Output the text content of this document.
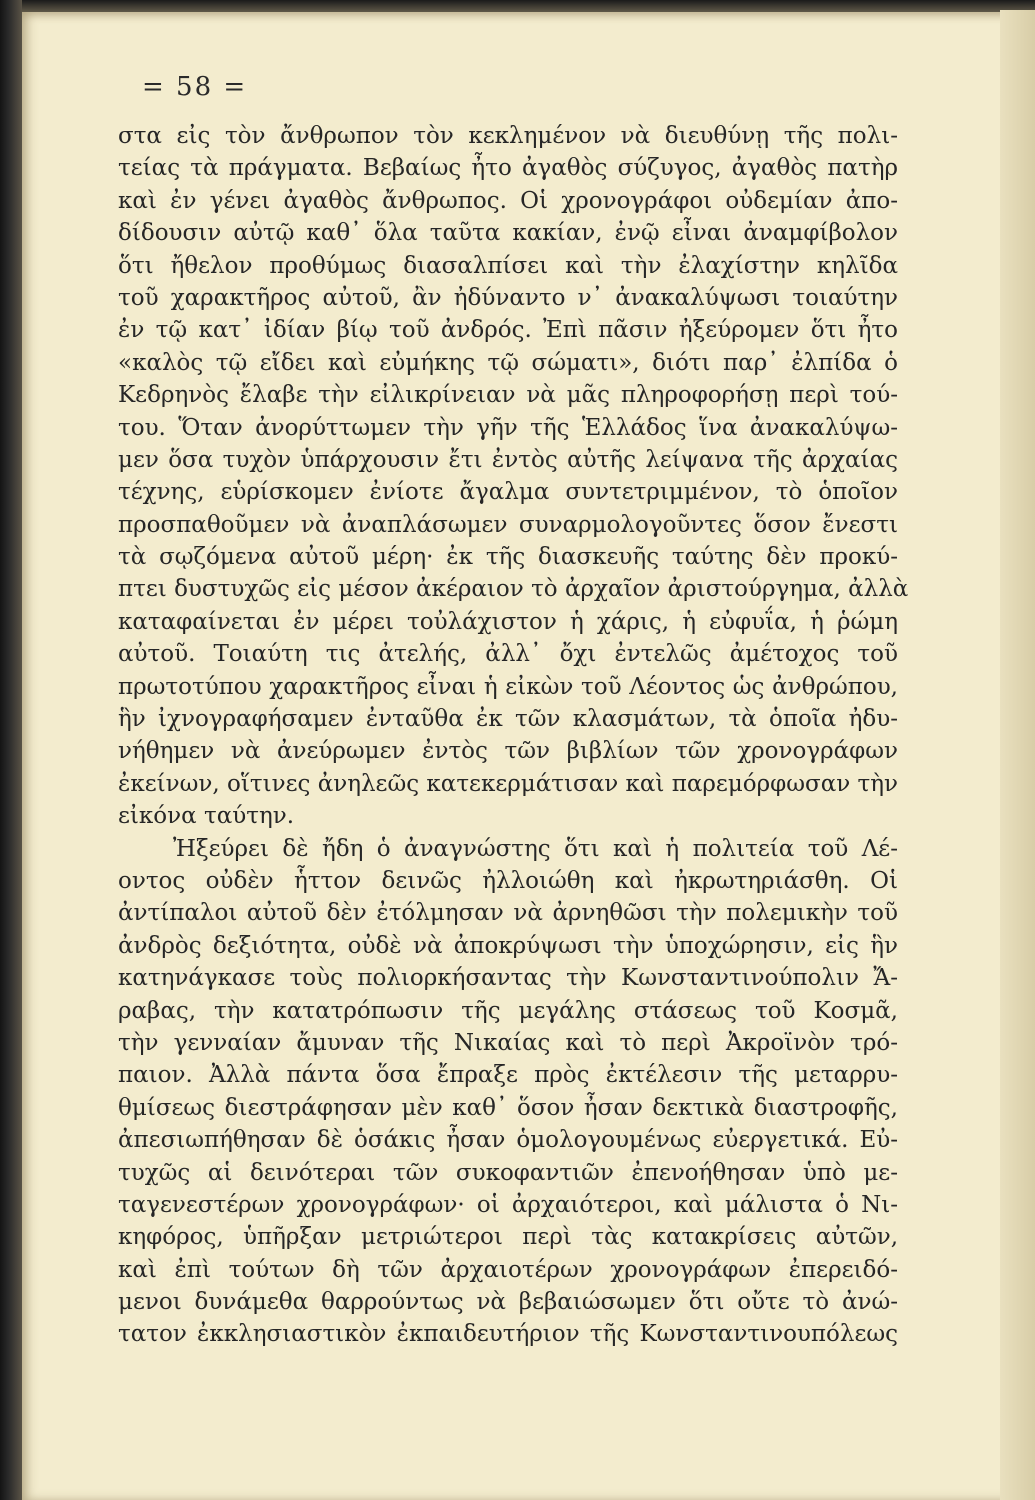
= 58 =
στα εἰς τὸν ἄνθρωπον τὸν κεκλημένον νὰ διευθύνῃ τῆς πολι-
τείας τὰ πράγματα. Βεβαίως ἦτο ἀγαθὸς σύζυγος, ἀγαθὸς πατὴρ
καὶ ἐν γένει ἀγαθὸς ἄνθρωπος. Οἱ χρονογράφοι οὐδεμίαν ἀπο-
δίδουσιν αὐτῷ καθ᾿ ὅλα ταῦτα κακίαν, ἐνῷ εἶναι ἀναμφίβολον
ὅτι ἤθελον προθύμως διασαλπίσει καὶ τὴν ἐλαχίστην κηλῖδα
τοῦ χαρακτῆρος αὐτοῦ, ἂν ἠδύναντο ν᾿ ἀνακαλύψωσι τοιαύτην
ἐν τῷ κατ᾿ ἰδίαν βίῳ τοῦ ἀνδρός. Ἐπὶ πᾶσιν ἠξεύρομεν ὅτι ἦτο
«καλὸς τῷ εἴδει καὶ εὐμήκης τῷ σώματι», διότι παρ᾿ ἐλπίδα ὁ
Κεδρηνὸς ἔλαβε τὴν εἰλικρίνειαν νὰ μᾶς πληροφορήσῃ περὶ τού-
του. Ὅταν ἀνορύττωμεν τὴν γῆν τῆς Ἑλλάδος ἵνα ἀνακαλύψω-
μεν ὅσα τυχὸν ὑπάρχουσιν ἔτι ἐντὸς αὐτῆς λείψανα τῆς ἀρχαίας
τέχνης, εὑρίσκομεν ἐνίοτε ἄγαλμα συντετριμμένον, τὸ ὁποῖον
προσπαθοῦμεν νὰ ἀναπλάσωμεν συναρμολογοῦντες ὅσον ἔνεστι
τὰ σῳζόμενα αὐτοῦ μέρη· ἐκ τῆς διασκευῆς ταύτης δὲν προκύ-
πτει δυστυχῶς εἰς μέσον ἀκέραιον τὸ ἀρχαῖον ἀριστούργημα, ἀλλὰ
καταφαίνεται ἐν μέρει τοὐλάχιστον ἡ χάρις, ἡ εὐφυΐα, ἡ ῥώμη
αὐτοῦ. Τοιαύτη τις ἀτελής, ἀλλ᾿ ὄχι ἐντελῶς ἀμέτοχος τοῦ
πρωτοτύπου χαρακτῆρος εἶναι ἡ εἰκὼν τοῦ Λέοντος ὡς ἀνθρώπου,
ἣν ἰχνογραφήσαμεν ἐνταῦθα ἐκ τῶν κλασμάτων, τὰ ὁποῖα ἠδυ-
νήθημεν νὰ ἀνεύρωμεν ἐντὸς τῶν βιβλίων τῶν χρονογράφων
ἐκείνων, οἵτινες ἀνηλεῶς κατεκερμάτισαν καὶ παρεμόρφωσαν τὴν
εἰκόνα ταύτην.
Ἠξεύρει δὲ ἤδη ὁ ἀναγνώστης ὅτι καὶ ἡ πολιτεία τοῦ Λέ-
οντος οὐδὲν ἧττον δεινῶς ἠλλοιώθη καὶ ἠκρωτηριάσθη. Οἱ
ἀντίπαλοι αὐτοῦ δὲν ἐτόλμησαν νὰ ἀρνηθῶσι τὴν πολεμικὴν τοῦ
ἀνδρὸς δεξιότητα, οὐδὲ νὰ ἀποκρύψωσι τὴν ὑποχώρησιν, εἰς ἣν
κατηνάγκασε τοὺς πολιορκήσαντας τὴν Κωνσταντινούπολιν Ἄ-
ραβας, τὴν κατατρόπωσιν τῆς μεγάλης στάσεως τοῦ Κοσμᾶ,
τὴν γενναίαν ἄμυναν τῆς Νικαίας καὶ τὸ περὶ Ἀκροϊνὸν τρό-
παιον. Ἀλλὰ πάντα ὅσα ἔπραξε πρὸς ἐκτέλεσιν τῆς μεταρρυ-
θμίσεως διεστράφησαν μὲν καθ᾿ ὅσον ἦσαν δεκτικὰ διαστροφῆς,
ἀπεσιωπήθησαν δὲ ὁσάκις ἦσαν ὁμολογουμένως εὐεργετικά. Εὐ-
τυχῶς αἱ δεινότεραι τῶν συκοφαντιῶν ἐπενοήθησαν ὑπὸ με-
ταγενεστέρων χρονογράφων· οἱ ἀρχαιότεροι, καὶ μάλιστα ὁ Νι-
κηφόρος, ὑπῆρξαν μετριώτεροι περὶ τὰς κατακρίσεις αὐτῶν,
καὶ ἐπὶ τούτων δὴ τῶν ἀρχαιοτέρων χρονογράφων ἐπερειδό-
μενοι δυνάμεθα θαρρούντως νὰ βεβαιώσωμεν ὅτι οὔτε τὸ ἀνώ-
τατον ἐκκλησιαστικὸν ἐκπαιδευτήριον τῆς Κωνσταντινουπόλεως
